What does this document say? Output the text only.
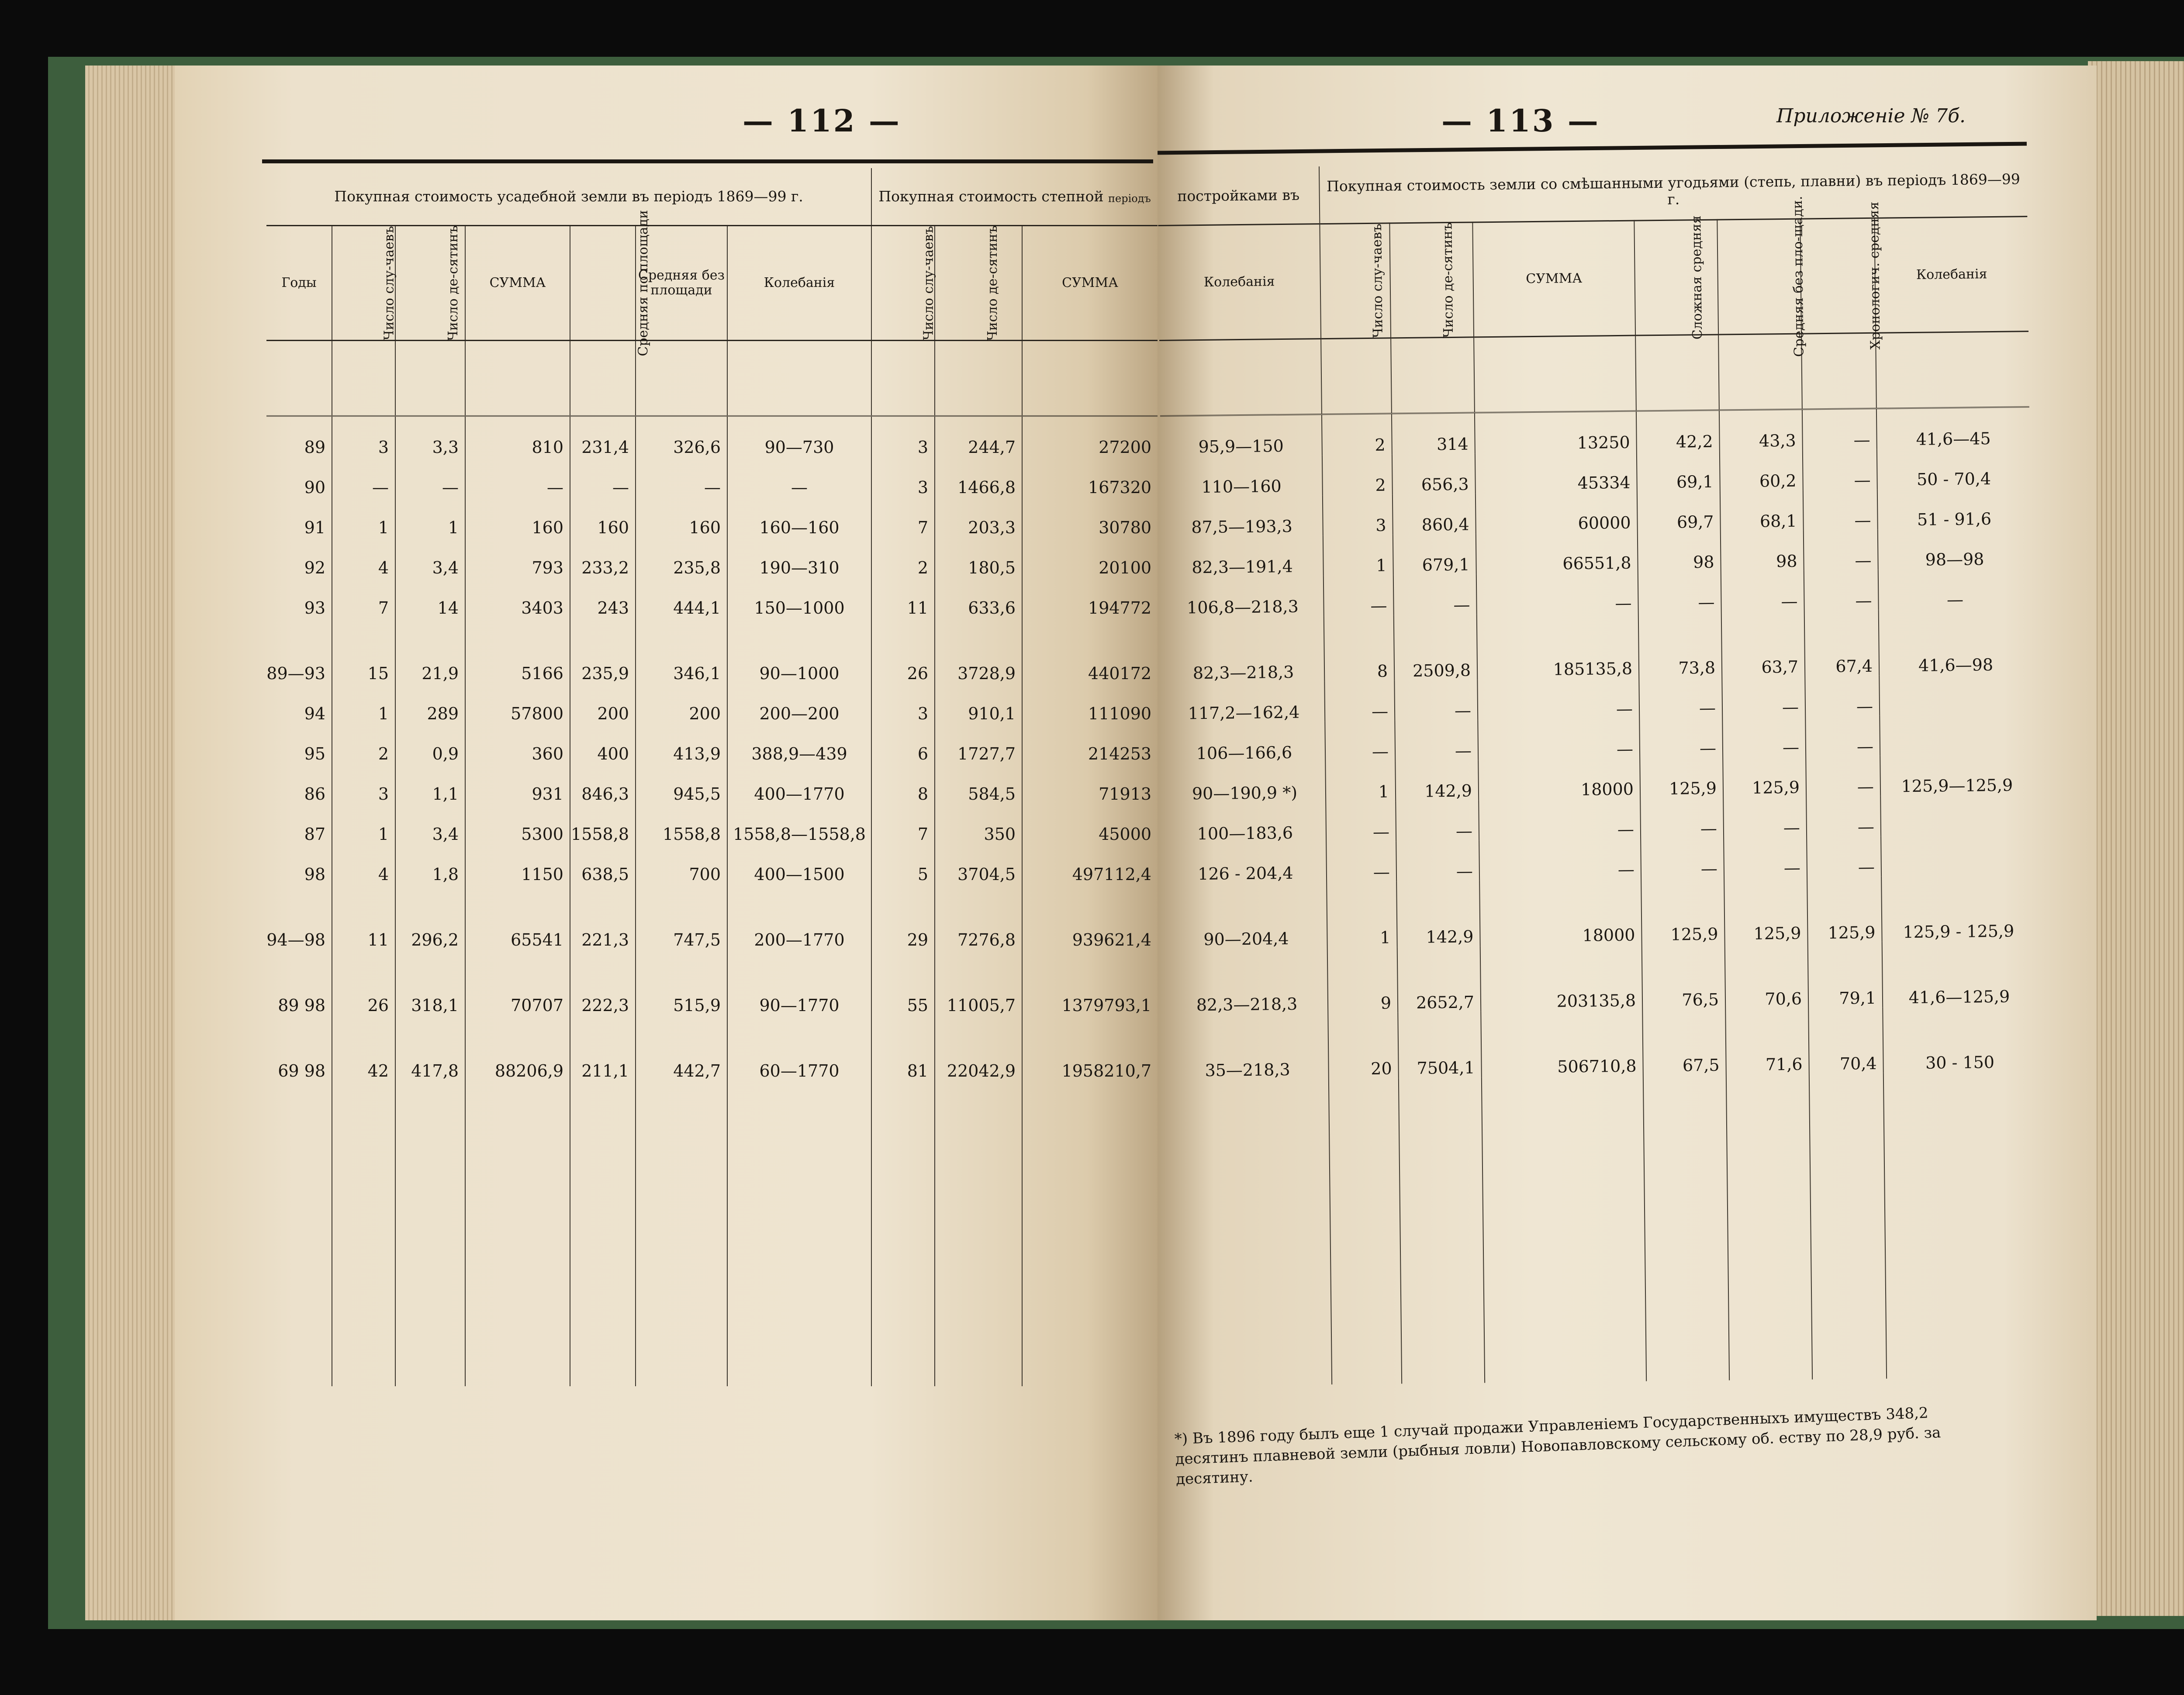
— 112 —
Покупная стоимость усадебной земли въ періодъ 1869—99 г.							Покупная стоимость степной періодъ		
Годы	Число слу-чаевъ	Число де-сятинъ	СУММА	Средняя по площади	Средняя без площади	Колебанія	Число слу-чаевъ	Число де-сятинъ	СУММА

89	3	3,3	810	231,4	326,6	90—730	3	244,7	27200
90	—	—	—	—	—	—	3	1466,8	167320
91	1	1	160	160	160	160—160	7	203,3	30780
92	4	3,4	793	233,2	235,8	190—310	2	180,5	20100
93	7	14	3403	243	444,1	150—1000	11	633,6	194772
89—93	15	21,9	5166	235,9	346,1	90—1000	26	3728,9	440172
94	1	289	57800	200	200	200—200	3	910,1	111090
95	2	0,9	360	400	413,9	388,9—439	6	1727,7	214253
86	3	1,1	931	846,3	945,5	400—1770	8	584,5	71913
87	1	3,4	5300	1558,8	1558,8	1558,8—1558,8	7	350	45000
98	4	1,8	1150	638,5	700	400—1500	5	3704,5	497112,4
94—98	11	296,2	65541	221,3	747,5	200—1770	29	7276,8	939621,4
89 98	26	318,1	70707	222,3	515,9	90—1770	55	11005,7	1379793,1
69 98	42	417,8	88206,9	211,1	442,7	60—1770	81	22042,9	1958210,7

— 113 —	Приложеніе № 7б.
постройками въ	Покупная стоимость земли со смѣшанными угодьями (степь, плавни) въ періодъ 1869—99 г.						
Колебанія	Число слу-чаевъ	Число де-сятинъ	СУММА	Сложная средняя	Средняя без пло-щади.	Хронологич. средняя	Колебанія

95,9—150	2	314	13250	42,2	43,3	—	41,6—45
110—160	2	656,3	45334	69,1	60,2	—	50 - 70,4
87,5—193,3	3	860,4	60000	69,7	68,1	—	51 - 91,6
82,3—191,4	1	679,1	66551,8	98	98	—	98—98
106,8—218,3	—	—	—	—	—	—	—
82,3—218,3	8	2509,8	185135,8	73,8	63,7	67,4	41,6—98
117,2—162,4	—	—	—	—	—	—	
106—166,6	—	—	—	—	—	—	
90—190,9 *)	1	142,9	18000	125,9	125,9	—	125,9—125,9
100—183,6	—	—	—	—	—	—	
126 - 204,4	—	—	—	—	—	—	
90—204,4	1	142,9	18000	125,9	125,9	125,9	125,9 - 125,9
82,3—218,3	9	2652,7	203135,8	76,5	70,6	79,1	41,6—125,9
35—218,3	20	7504,1	506710,8	67,5	71,6	70,4	30 - 150

*) Въ 1896 году былъ еще 1 случай продажи Управленіемъ Государственныхъ имуществъ 348,2 десятинъ плавневой земли (рыбныя ловли) Новопавловскому сельскому об. еству по 28,9 руб. за десятину.
